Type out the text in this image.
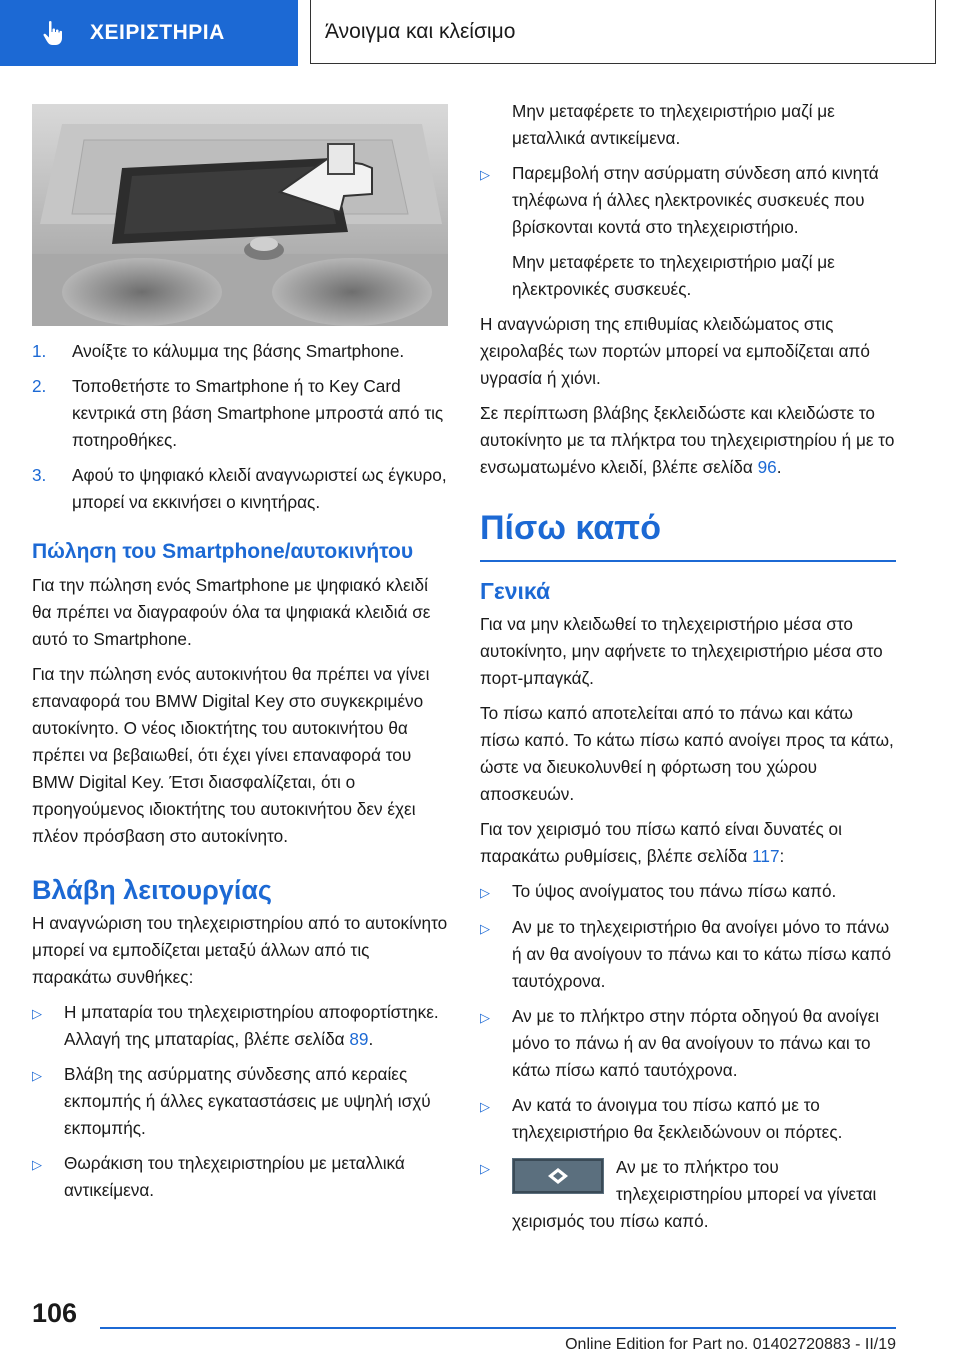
ΧΕΙΡΙΣΤΗΡΙΑ	Άνοιγμα και κλείσιμο
1.	Ανοίξτε το κάλυμμα της βάσης Smartphone.
2.	Τοποθετήστε το Smartphone ή το Key Card κεντρικά στη βάση Smartphone μπροστά από τις ποτηροθήκες.
3.	Αφού το ψηφιακό κλειδί αναγνωριστεί ως έγκυρο, μπορεί να εκκινήσει ο κινητήρας.
Πώληση του Smartphone/αυτοκινήτου

Για την πώληση ενός Smartphone με ψηφιακό κλειδί θα πρέπει να διαγραφούν όλα τα ψηφιακά κλειδιά σε αυτό το Smartphone.

Για την πώληση ενός αυτοκινήτου θα πρέπει να γίνει επαναφορά του BMW Digital Key στο συγκεκριμένο αυτοκίνητο. Ο νέος ιδιοκτήτης του αυτοκινήτου θα πρέπει να βεβαιωθεί, ότι έχει γίνει επαναφορά του BMW Digital Key. Έτσι διασφαλίζεται, ότι ο προηγούμενος ιδιοκτήτης του αυτοκινήτου δεν έχει πλέον πρόσβαση στο αυτοκίνητο.

Βλάβη λειτουργίας

Η αναγνώριση του τηλεχειριστηρίου από το αυτοκίνητο μπορεί να εμποδίζεται μεταξύ άλλων από τις παρακάτω συνθήκες:

▷	Η μπαταρία του τηλεχειριστηρίου αποφορτίστηκε. Αλλαγή της μπαταρίας, βλέπε σελίδα 89.
▷	Βλάβη της ασύρματης σύνδεσης από κεραίες εκπομπής ή άλλες εγκαταστάσεις με υψηλή ισχύ εκπομπής.
▷	Θωράκιση του τηλεχειριστηρίου με μεταλλικά αντικείμενα.

Μην μεταφέρετε το τηλεχειριστήριο μαζί με μεταλλικά αντικείμενα.

▷	Παρεμβολή στην ασύρματη σύνδεση από κινητά τηλέφωνα ή άλλες ηλεκτρονικές συσκευές που βρίσκονται κοντά στο τηλεχειριστήριο.

Μην μεταφέρετε το τηλεχειριστήριο μαζί με ηλεκτρονικές συσκευές.

Η αναγνώριση της επιθυμίας κλειδώματος στις χειρολαβές των πορτών μπορεί να εμποδίζεται από υγρασία ή χιόνι.

Σε περίπτωση βλάβης ξεκλειδώστε και κλειδώστε το αυτοκίνητο με τα πλήκτρα του τηλεχειριστηρίου ή με το ενσωματωμένο κλειδί, βλέπε σελίδα 96.

Πίσω καπό
Γενικά

Για να μην κλειδωθεί το τηλεχειριστήριο μέσα στο αυτοκίνητο, μην αφήνετε το τηλεχειριστήριο μέσα στο πορτ-μπαγκάζ.

Το πίσω καπό αποτελείται από το πάνω και κάτω πίσω καπό. Το κάτω πίσω καπό ανοίγει προς τα κάτω, ώστε να διευκολυνθεί η φόρτωση του χώρου αποσκευών.

Για τον χειρισμό του πίσω καπό είναι δυνατές οι παρακάτω ρυθμίσεις, βλέπε σελίδα 117:

▷	Το ύψος ανοίγματος του πάνω πίσω καπό.
▷	Αν με το τηλεχειριστήριο θα ανοίγει μόνο το πάνω ή αν θα ανοίγουν το πάνω και το κάτω πίσω καπό ταυτόχρονα.
▷	Αν με το πλήκτρο στην πόρτα οδηγού θα ανοίγει μόνο το πάνω ή αν θα ανοίγουν το πάνω και το κάτω πίσω καπό ταυτόχρονα.
▷	Αν κατά το άνοιγμα του πίσω καπό με το τηλεχειριστήριο θα ξεκλειδώνουν οι πόρτες.
▷	Αν με το πλήκτρο του τηλεχειριστηρίου μπορεί να γίνεται χειρισμός του πίσω καπό.
106
Online Edition for Part no. 01402720883 - II/19
